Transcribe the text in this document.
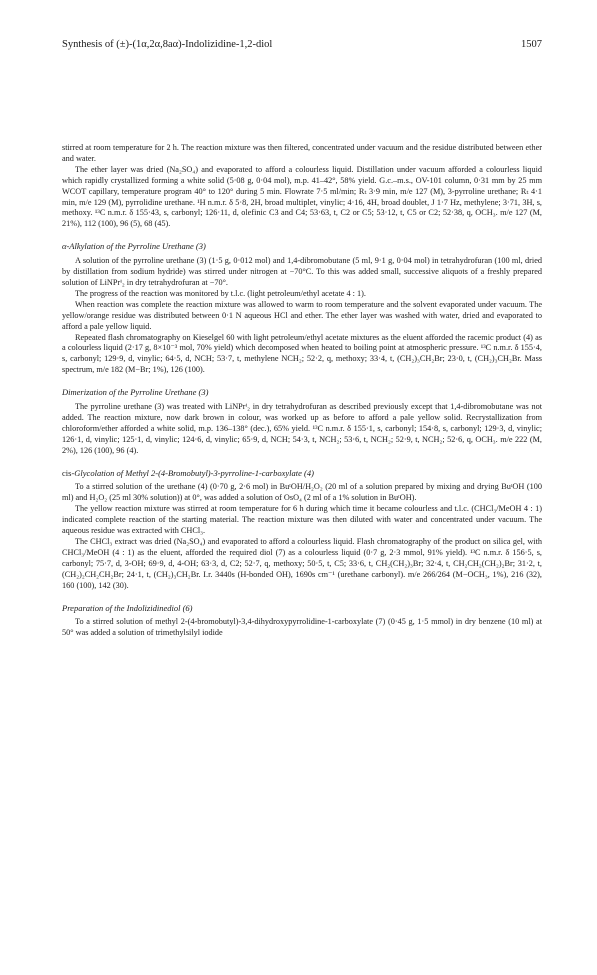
Synthesis of (±)-(1α,2α,8aα)-Indolizidine-1,2-diol	1507

stirred at room temperature for 2 h. The reaction mixture was then filtered, concentrated under vacuum and the residue distributed between ether and water.

The ether layer was dried (Na₂SO₄) and evaporated to afford a colourless liquid. Distillation under vacuum afforded a colourless liquid which rapidly crystallized forming a white solid (5·08 g, 0·04 mol), m.p. 41–42°, 58% yield. G.c.–m.s., OV-101 column, 0·31 mm by 25 mm WCOT capillary, temperature program 40° to 120° during 5 min. Flowrate 7·5 ml/min; Rₜ 3·9 min, m/e 127 (M), 3-pyrroline urethane; Rₜ 4·1 min, m/e 129 (M), pyrrolidine urethane. ¹H n.m.r. δ 5·8, 2H, broad multiplet, vinylic; 4·16, 4H, broad doublet, J 1·7 Hz, methylene; 3·71, 3H, s, methoxy. ¹³C n.m.r. δ 155·43, s, carbonyl; 126·11, d, olefinic C3 and C4; 53·63, t, C2 or C5; 53·12, t, C5 or C2; 52·38, q, OCH₃. m/e 127 (M, 21%), 112 (100), 96 (5), 68 (45).

α-Alkylation of the Pyrroline Urethane (3)

A solution of the pyrroline urethane (3) (1·5 g, 0·012 mol) and 1,4-dibromobutane (5 ml, 9·1 g, 0·04 mol) in tetrahydrofuran (100 ml, dried by distillation from sodium hydride) was stirred under nitrogen at −70°C. To this was added small, successive aliquots of a freshly prepared solution of LiNPrⁱ₂ in dry tetrahydrofuran at −70°.

The progress of the reaction was monitored by t.l.c. (light petroleum/ethyl acetate 4 : 1).

When reaction was complete the reaction mixture was allowed to warm to room temperature and the solvent evaporated under vacuum. The yellow/orange residue was distributed between 0·1 N aqueous HCl and ether. The ether layer was washed with water, dried and evaporated to afford a pale yellow liquid.

Repeated flash chromatography on Kieselgel 60 with light petroleum/ethyl acetate mixtures as the eluent afforded the racemic product (4) as a colourless liquid (2·17 g, 8×10⁻³ mol, 70% yield) which decomposed when heated to boiling point at atmospheric pressure. ¹³C n.m.r. δ 155·4, s, carbonyl; 129·9, d, vinylic; 64·5, d, NCH; 53·7, t, methylene NCH₂; 52·2, q, methoxy; 33·4, t, (CH₂)₃CH₂Br; 23·0, t, (CH₂)₃CH₂Br. Mass spectrum, m/e 182 (M−Br; 1%), 126 (100).

Dimerization of the Pyrroline Urethane (3)

The pyrroline urethane (3) was treated with LiNPrⁱ₂ in dry tetrahydrofuran as described previously except that 1,4-dibromobutane was not added. The reaction mixture, now dark brown in colour, was worked up as before to afford a pale yellow solid. Recrystallization from chloroform/ether afforded a white solid, m.p. 136–138° (dec.), 65% yield. ¹³C n.m.r. δ 155·1, s, carbonyl; 154·8, s, carbonyl; 129·3, d, vinylic; 126·1, d, vinylic; 125·1, d, vinylic; 124·6, d, vinylic; 65·9, d, NCH; 54·3, t, NCH₂; 53·6, t, NCH₂; 52·9, t, NCH₂; 52·6, q, OCH₃. m/e 222 (M, 2%), 126 (100), 96 (4).

cis-Glycolation of Methyl 2-(4-Bromobutyl)-3-pyrroline-1-carboxylate (4)

To a stirred solution of the urethane (4) (0·70 g, 2·6 mol) in BuᵗOH/H₂O₂ (20 ml of a solution prepared by mixing and drying BuᵗOH (100 ml) and H₂O₂ (25 ml 30% solution)) at 0°, was added a solution of OsO₄ (2 ml of a 1% solution in BuᵗOH).

The yellow reaction mixture was stirred at room temperature for 6 h during which time it became colourless and t.l.c. (CHCl₃/MeOH 4 : 1) indicated complete reaction of the starting material. The reaction mixture was then diluted with water and concentrated under vacuum. The aqueous residue was extracted with CHCl₃.

The CHCl₃ extract was dried (Na₂SO₄) and evaporated to afford a colourless liquid. Flash chromatography of the product on silica gel, with CHCl₃/MeOH (4 : 1) as the eluent, afforded the required diol (7) as a colourless liquid (0·7 g, 2·3 mmol, 91% yield). ¹³C n.m.r. δ 156·5, s, carbonyl; 75·7, d, 3-OH; 69·9, d, 4-OH; 63·3, d, C2; 52·7, q, methoxy; 50·5, t, C5; 33·6, t, CH₂(CH₂)₃Br; 32·4, t, CH₂CH₂(CH₂)₂Br; 31·2, t, (CH₂)₂CH₂CH₂Br; 24·1, t, (CH₂)₃CH₂Br. I.r. 3440s (H-bonded OH), 1690s cm⁻¹ (urethane carbonyl). m/e 266/264 (M−OCH₃, 1%), 216 (32), 160 (100), 142 (30).

Preparation of the Indolizidinediol (6)

To a stirred solution of methyl 2-(4-bromobutyl)-3,4-dihydroxypyrrolidine-1-carboxylate (7) (0·45 g, 1·5 mmol) in dry benzene (10 ml) at 50° was added a solution of trimethylsilyl iodide
